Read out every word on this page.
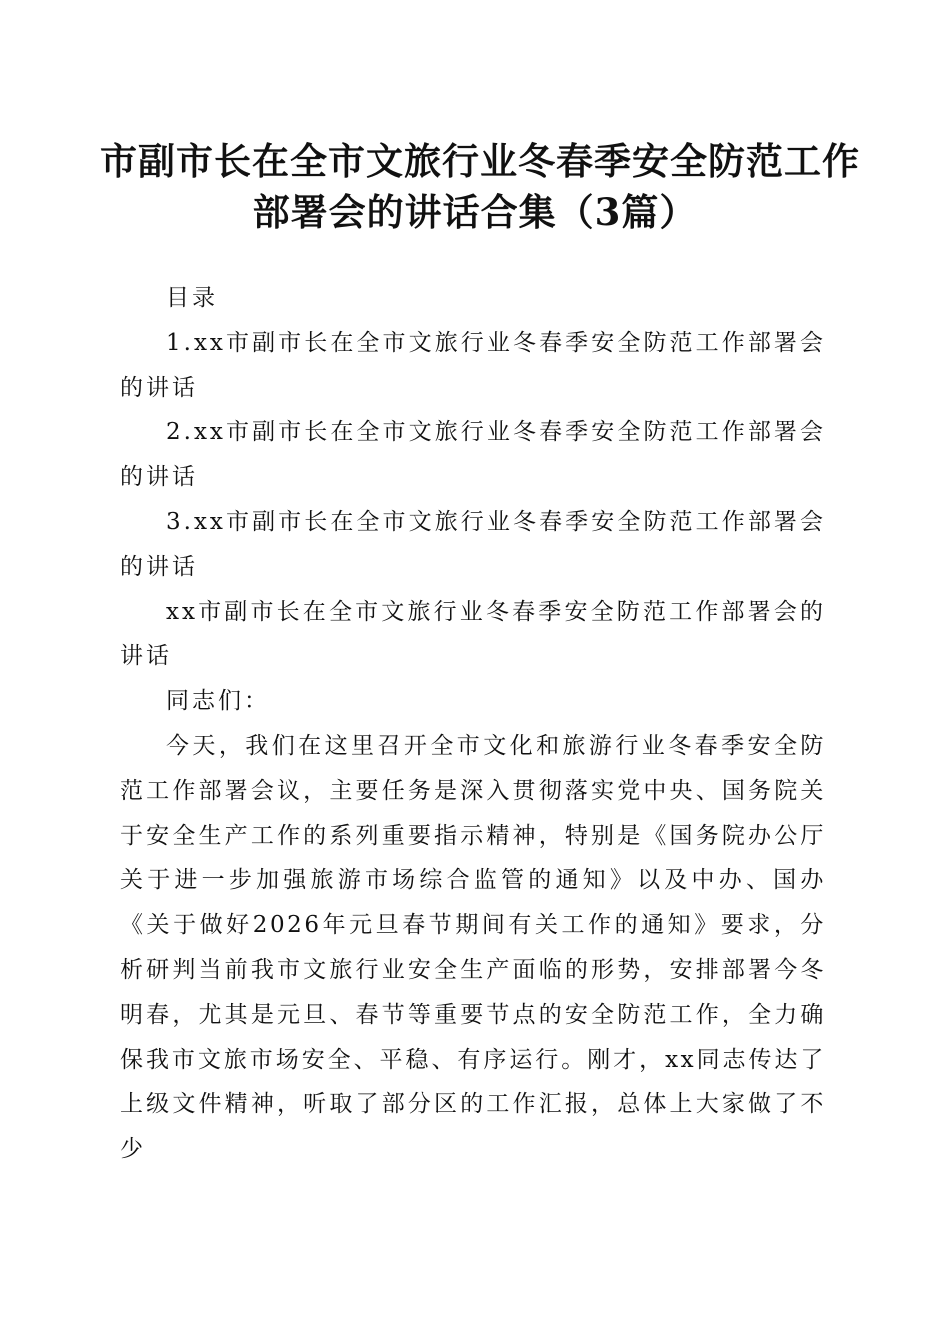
市副市长在全市文旅行业冬春季安全防范工作
部署会的讲话合集（3篇）

目录

1.xx市副市长在全市文旅行业冬春季安全防范工作部署会的讲话

2.xx市副市长在全市文旅行业冬春季安全防范工作部署会的讲话

3.xx市副市长在全市文旅行业冬春季安全防范工作部署会的讲话

xx市副市长在全市文旅行业冬春季安全防范工作部署会的讲话

同志们：

今天，我们在这里召开全市文化和旅游行业冬春季安全防范工作部署会议，主要任务是深入贯彻落实党中央、国务院关于安全生产工作的系列重要指示精神，特别是《国务院办公厅关于进一步加强旅游市场综合监管的通知》以及中办、国办《关于做好2026年元旦春节期间有关工作的通知》要求，分析研判当前我市文旅行业安全生产面临的形势，安排部署今冬明春，尤其是元旦、春节等重要节点的安全防范工作，全力确保我市文旅市场安全、平稳、有序运行。刚才，xx同志传达了上级文件精神，听取了部分区的工作汇报，总体上大家做了不少
